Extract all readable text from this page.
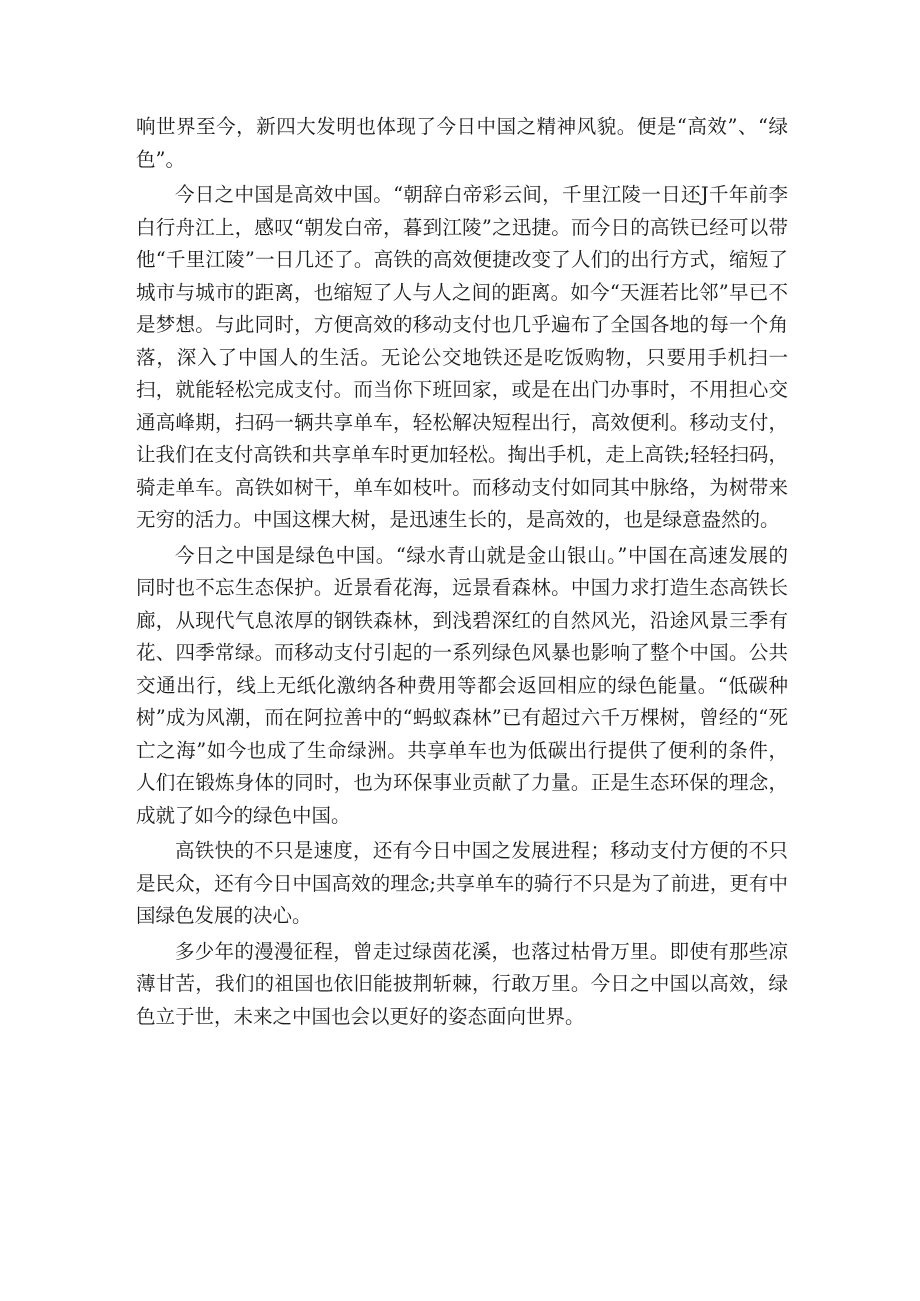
响世界至今，新四大发明也体现了今日中国之精神风貌。便是“高效”、“绿色”。

今日之中国是高效中国。“朝辞白帝彩云间，千里江陵一日还J千年前李白行舟江上，感叹“朝发白帝，暮到江陵”之迅捷。而今日的高铁已经可以带他“千里江陵”一日几还了。高铁的高效便捷改变了人们的出行方式，缩短了城市与城市的距离，也缩短了人与人之间的距离。如今“天涯若比邻”早已不是梦想。与此同时，方便高效的移动支付也几乎遍布了全国各地的每一个角落，深入了中国人的生活。无论公交地铁还是吃饭购物，只要用手机扫一扫，就能轻松完成支付。而当你下班回家，或是在出门办事时，不用担心交通高峰期，扫码一辆共享单车，轻松解决短程出行，高效便利。移动支付，让我们在支付高铁和共享单车时更加轻松。掏出手机，走上高铁;轻轻扫码，骑走单车。高铁如树干，单车如枝叶。而移动支付如同其中脉络，为树带来无穷的活力。中国这棵大树，是迅速生长的，是高效的，也是绿意盎然的。

今日之中国是绿色中国。“绿水青山就是金山银山。”中国在高速发展的同时也不忘生态保护。近景看花海，远景看森林。中国力求打造生态高铁长廊，从现代气息浓厚的钢铁森林，到浅碧深红的自然风光，沿途风景三季有花、四季常绿。而移动支付引起的一系列绿色风暴也影响了整个中国。公共交通出行，线上无纸化激纳各种费用等都会返回相应的绿色能量。“低碳种树”成为风潮，而在阿拉善中的“蚂蚁森林”已有超过六千万棵树，曾经的“死亡之海”如今也成了生命绿洲。共享单车也为低碳出行提供了便利的条件，人们在锻炼身体的同时，也为环保事业贡献了力量。正是生态环保的理念，成就了如今的绿色中国。

高铁快的不只是速度，还有今日中国之发展进程；移动支付方便的不只是民众，还有今日中国高效的理念;共享单车的骑行不只是为了前进，更有中国绿色发展的决心。

多少年的漫漫征程，曾走过绿茵花溪，也落过枯骨万里。即使有那些凉薄甘苦，我们的祖国也依旧能披荆斩棘，行敢万里。今日之中国以高效，绿色立于世，未来之中国也会以更好的姿态面向世界。
